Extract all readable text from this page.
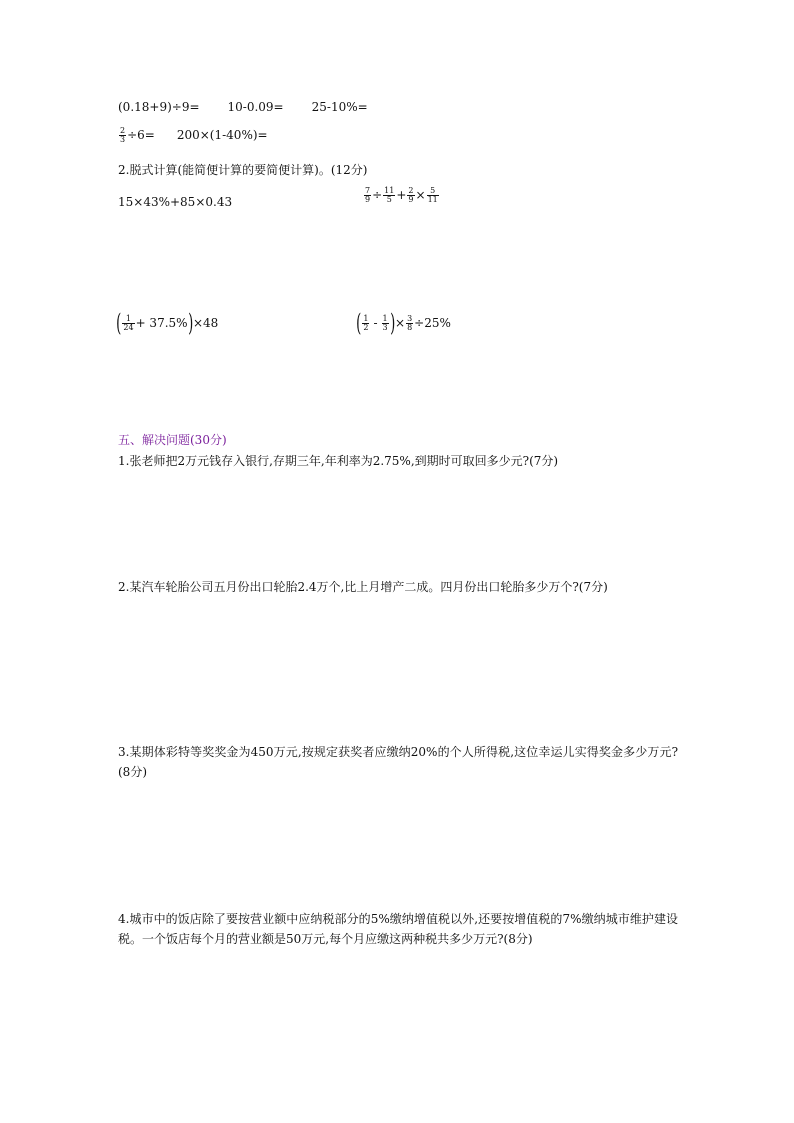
(0.18+9)÷9= 10-0.09= 25-10%=
$\frac{2}{3} \div 6= 200\times(1-40\%)=$
2.脱式计算(能简便计算的要简便计算)。(12分)
15×43%+85×0.43	$\frac{7}{9} \div \frac{11}{5} + \frac{2}{9} \times \frac{5}{11}$
( $\frac{1}{24} + 37.5\%)\times 48$	( $\frac{1}{2} - \frac{1}{3}$ )× $\frac{3}{8} \div 25\%$
五、解决问题(30分)
1.张老师把2万元钱存入银行,存期三年,年利率为2.75%,到期时可取回多少元?(7分)
2.某汽车轮胎公司五月份出口轮胎2.4万个,比上月增产二成。四月份出口轮胎多少万个?(7分)
3.某期体彩特等奖奖金为450万元,按规定获奖者应缴纳20%的个人所得税,这位幸运儿实得奖金多少万元?(8分)
4.城市中的饭店除了要按营业额中应纳税部分的5%缴纳增值税以外,还要按增值税的7%缴纳城市维护建设税。一个饭店每个月的营业额是50万元,每个月应缴这两种税共多少万元?(8分)
